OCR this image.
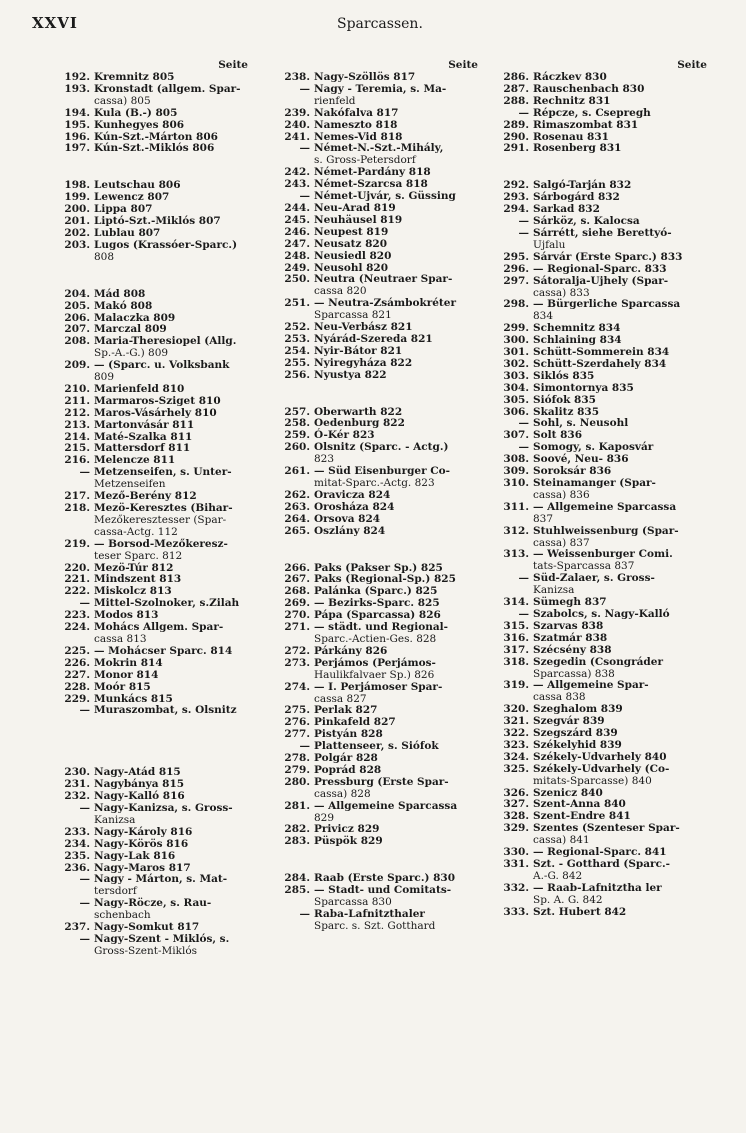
XXVI	Sparcassen.
Seite
192. Kremnitz 805
193. Kronstadt (allgem. Spar-
cassa) 805
194. Kula (B.-) 805
195. Kunhegyes 806
196. Kún-Szt.-Márton 806
197. Kún-Szt.-Miklós 806
198. Leutschau 806
199. Lewencz 807
200. Lippa 807
201. Liptó-Szt.-Miklós 807
202. Lublau 807
203. Lugos (Krassóer-Sparc.)
808
204. Mád 808
205. Makó 808
206. Malaczka 809
207. Marczal 809
208. Maria-Theresiopel (Allg.
Sp.-A.-G.) 809
209. — (Sparc. u. Volksbank
809
210. Marienfeld 810
211. Marmaros-Sziget 810
212. Maros-Vásárhely 810
213. Martonvásár 811
214. Maté-Szalka 811
215. Mattersdorf 811
216. Melencze 811
— Metzenseifen, s. Unter-
Metzenseifen
217. Mező-Berény 812
218. Mezö-Keresztes (Bihar-
Mezőkeresztesser (Spar-
cassa-Actg. 112
219. — Borsod-Mezőkeresz-
teser Sparc. 812
220. Mezö-Túr 812
221. Mindszent 813
222. Miskolcz 813
— Mittel-Szolnoker, s.Zilah
223. Modos 813
224. Mohács Allgem. Spar-
cassa 813
225. — Mohácser Sparc. 814
226. Mokrin 814
227. Monor 814
228. Moór 815
229. Munkács 815
— Muraszombat, s. Olsnitz
230. Nagy-Atád 815
231. Nagybánya 815
232. Nagy-Kalló 816
— Nagy-Kanizsa, s. Gross-
Kanizsa
233. Nagy-Károly 816
234. Nagy-Körös 816
235. Nagy-Lak 816
236. Nagy-Maros 817
— Nagy - Márton, s. Mat-
tersdorf
— Nagy-Röcze, s. Rau-
schenbach
237. Nagy-Somkut 817
— Nagy-Szent - Miklós, s.
Gross-Szent-Miklós
Seite
238. Nagy-Szöllös 817
— Nagy - Teremia, s. Ma-
rienfeld
239. Nakófalva 817
240. Nameszto 818
241. Nemes-Vid 818
— Német-N.-Szt.-Mihály,
s. Gross-Petersdorf
242. Német-Pardány 818
243. Német-Szarcsa 818
— Német-Ujvár, s. Güssing
244. Neu-Arad 819
245. Neuhäusel 819
246. Neupest 819
247. Neusatz 820
248. Neusiedl 820
249. Neusohl 820
250. Neutra (Neutraer Spar-
cassa 820
251. — Neutra-Zsámbokréter
Sparcassa 821
252. Neu-Verbász 821
253. Nyárád-Szereda 821
254. Nyir-Bátor 821
255. Nyiregyháza 822
256. Nyustya 822
257. Oberwarth 822
258. Oedenburg 822
259. Ó-Kér 823
260. Olsnitz (Sparc. - Actg.)
823
261. — Süd Eisenburger Co-
mitat-Sparc.-Actg. 823
262. Oravicza 824
263. Orosháza 824
264. Orsova 824
265. Oszlány 824
266. Paks (Pakser Sp.) 825
267. Paks (Regional-Sp.) 825
268. Palánka (Sparc.) 825
269. — Bezirks-Sparc. 825
270. Pápa (Sparcassa) 826
271. — städt. und Regional-
Sparc.-Actien-Ges. 828
272. Párkány 826
273. Perjámos (Perjámos-
Haulikfalvaer Sp.) 826
274. — I. Perjámoser Spar-
cassa 827
275. Perlak 827
276. Pinkafeld 827
277. Pistyán 828
— Plattenseer, s. Siófok
278. Polgár 828
279. Poprád 828
280. Pressburg (Erste Spar-
cassa) 828
281. — Allgemeine Sparcassa
829
282. Privicz 829
283. Püspök 829
284. Raab (Erste Sparc.) 830
285. — Stadt- und Comitats-
Sparcassa 830
— Raba-Lafnitzthaler
Sparc. s. Szt. Gotthard
Seite
286. Ráczkev 830
287. Rauschenbach 830
288. Rechnitz 831
— Répcze, s. Csepregh
289. Rimaszombat 831
290. Rosenau 831
291. Rosenberg 831
292. Salgó-Tarján 832
293. Sárbogárd 832
294. Sarkad 832
— Sárköz, s. Kalocsa
— Sárrétt, siehe Berettyó-
Ujfalu
295. Sárvár (Erste Sparc.) 833
296. — Regional-Sparc. 833
297. Sátoralja-Ujhely (Spar-
cassa) 833
298. — Bürgerliche Sparcassa
834
299. Schemnitz 834
300. Schlaining 834
301. Schütt-Sommerein 834
302. Schütt-Szerdahely 834
303. Siklós 835
304. Simontornya 835
305. Siófok 835
306. Skalitz 835
— Sohl, s. Neusohl
307. Solt 836
— Somogy, s. Kaposvár
308. Soové, Neu- 836
309. Soroksár 836
310. Steinamanger (Spar-
cassa) 836
311. — Allgemeine Sparcassa
837
312. Stuhlweissenburg (Spar-
cassa) 837
313. — Weissenburger Comi.
tats-Sparcassa 837
— Süd-Zalaer, s. Gross-
Kanizsa
314. Sümegh 837
— Szabolcs, s. Nagy-Kalló
315. Szarvas 838
316. Szatmár 838
317. Szécsény 838
318. Szegedin (Csongráder
Sparcassa) 838
319. — Allgemeine Spar-
cassa 838
320. Szeghalom 839
321. Szegvár 839
322. Szegszárd 839
323. Székelyhid 839
324. Székely-Udvarhely 840
325. Székely-Udvarhely (Co-
mitats-Sparcasse) 840
326. Szenicz 840
327. Szent-Anna 840
328. Szent-Endre 841
329. Szentes (Szenteser Spar-
cassa) 841
330. — Regional-Sparc. 841
331. Szt. - Gotthard (Sparc.-
A.-G. 842
332. — Raab-Lafnitztha ler
Sp. A. G. 842
333. Szt. Hubert 842
